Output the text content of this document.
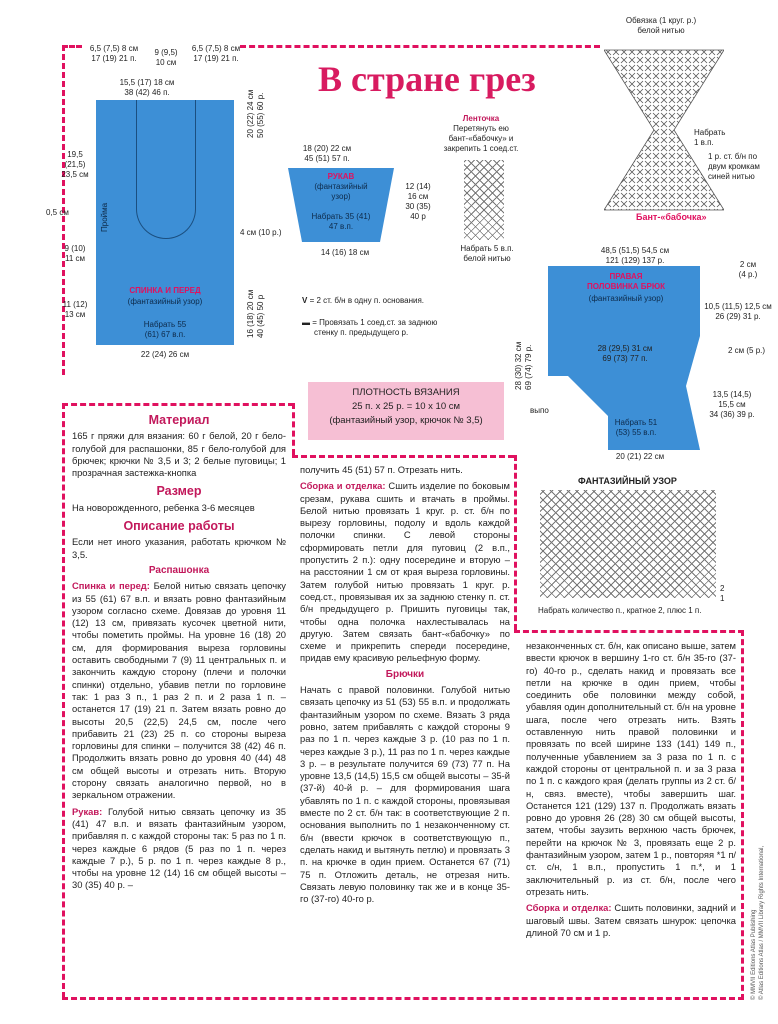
В стране грез
6,5 (7,5) 8 см
17 (19) 21 п.
9 (9,5)
10 см
6,5 (7,5) 8 см
17 (19) 21 п.
15,5 (17) 18 см
38 (42) 46 п.
19,5
(21,5)
23,5 см
0,5 см
9 (10)
11 см
11 (12)
13 см
Пройма
20 (22) 24 см 50 (55) 60 р.
4 см (10 р.)
16 (18) 20 см 40 (45) 50 р
СПИНКА И ПЕРЕД
(фантазийный узор)
Набрать 55
(61) 67 в.п.
22 (24) 26 см
18 (20) 22 см
45 (51) 57 п.
РУКАВ
(фантазийный
узор)
Набрать 35 (41)
47 в.п.
12 (14)
16 см
30 (35)
40 р
14 (16) 18 см
Ленточка
Перетянуть ею
бант-«бабочку» и
закрепить 1 соед.ст.
Набрать 5 в.п.
белой нитью
Обвязка (1 круг. р.)
белой нитью
Набрать
1 в.п.
1 р. ст. б/н по
двум кромкам
синей нитью
Бант-«бабочка»
V = 2 ст. б/н в одну п. основания.
▬ = Провязать 1 соед.ст. за заднюю
стенку п. предыдущего р.
ПЛОТНОСТЬ ВЯЗАНИЯ
25 п. х 25 р. = 10 х 10 см
(фантазийный узор, крючок № 3,5)
48,5 (51,5) 54,5 см
121 (129) 137 р.
ПРАВАЯ
ПОЛОВИНКА БРЮК
(фантазийный узор)
28 (29,5) 31 см
69 (73) 77 п.
28 (30) 32 см 69 (74) 79 р.
выпо
2 см
(4 р.)
10,5 (11,5) 12,5 см
26 (29) 31 р.
2 см (5 р.)
13,5 (14,5)
15,5 см
34 (36) 39 р.
Набрать 51
(53) 55 в.п.
20 (21) 22 см
ФАНТАЗИЙНЫЙ УЗОР
2
1
Набрать количество п., кратное 2, плюс 1 п.
Материал

165 г пряжи для вязания: 60 г белой, 20 г бело-голубой для распашонки, 85 г бело-голубой для брючек; крючки № 3,5 и 3; 2 белые пуговицы; 1 прозрачная застежка-кнопка

Размер

На новорожденного, ребенка 3-6 месяцев

Описание работы

Если нет иного указания, работать крючком № 3,5.

Распашонка

Спинка и перед: Белой нитью связать цепочку из 55 (61) 67 в.п. и вязать ровно фантазийным узором согласно схеме. Довязав до уровня 11 (12) 13 см, привязать кусочек цветной нити, чтобы пометить проймы. На уровне 16 (18) 20 см, для формирования выреза горловины оставить свободными 7 (9) 11 центральных п. и закончить каждую сторону (плечи и полочки спинки) отдельно, убавив петли по горловине так: 1 раз 3 п., 1 раз 2 п. и 2 раза 1 п. – останется 17 (19) 21 п. Затем вязать ровно до высоты 20,5 (22,5) 24,5 см, после чего прибавить 21 (23) 25 п. со стороны выреза горловины для спинки – получится 38 (42) 46 п. Продолжить вязать ровно до уровня 40 (44) 48 см общей высоты и отрезать нить. Вторую сторону связать аналогично первой, но в зеркальном отражении.

Рукав: Голубой нитью связать цепочку из 35 (41) 47 в.п. и вязать фантазийным узором, прибавляя п. с каждой стороны так: 5 раз по 1 п. через каждые 6 рядов (5 раз по 1 п. через каждые 7 р.), 5 р. по 1 п. через каждые 8 р., чтобы на уровне 12 (14) 16 см общей высоты – 30 (35) 40 р. –

получить 45 (51) 57 п. Отрезать нить.

Сборка и отделка: Сшить изделие по боковым срезам, рукава сшить и втачать в проймы. Белой нитью провязать 1 круг. р. ст. б/н по вырезу горловины, подолу и вдоль каждой полочки спинки. С левой стороны сформировать петли для пуговиц (2 в.п., пропустить 2 п.): одну посередине и вторую – на расстоянии 1 см от края выреза горловины. Затем голубой нитью провязать 1 круг. р. соед.ст., провязывая их за заднюю стенку п. ст. б/н предыдущего р. Пришить пуговицы так, чтобы одна полочка нахлестывалась на другую. Затем связать бант-«бабочку» по схеме и прикрепить спереди посередине, придав ему красивую рельефную форму.

Брючки

Начать с правой половинки. Голубой нитью связать цепочку из 51 (53) 55 в.п. и продолжать фантазийным узором по схеме. Вязать 3 ряда ровно, затем прибавлять с каждой стороны 9 раз по 1 п. через каждые 3 р. (10 раз по 1 п. через каждые 3 р.), 11 раз по 1 п. через каждые 3 р. – в результате получится 69 (73) 77 п. На уровне 13,5 (14,5) 15,5 см общей высоты – 35-й (37-й) 40-й р. – для формирования шага убавлять по 1 п. с каждой стороны, провязывая вместе по 2 ст. б/н так: в соответствующие 2 п. основания выполнить по 1 незаконченному ст. б/н (ввести крючок в соответствующую п., сделать накид и вытянуть петлю) и провязать 3 п. на крючке в один прием. Останется 67 (71) 75 п. Отложить деталь, не отрезая нить. Связать левую половинку так же и в конце 35-го (37-го) 40-го р.

незаконченных ст. б/н, как описано выше, затем ввести крючок в вершину 1-го ст. б/н 35-го (37-го) 40-го р., сделать накид и провязать все петли на крючке в один прием, чтобы соединить обе половинки между собой, убавляя один дополнительный ст. б/н на уровне шага, после чего отрезать нить. Взять оставленную нить правой половинки и провязать по всей ширине 133 (141) 149 п., полученные убавлением за 3 раза по 1 п. с каждой стороны от центральной п. и за 3 раза по 1 п. с каждого края (делать группы из 2 ст. б/н, связ. вместе), чтобы завершить шаг. Останется 121 (129) 137 п. Продолжать вязать ровно до уровня 26 (28) 30 см общей высоты, затем, чтобы заузить верхнюю часть брючек, перейти на крючок № 3, провязать еще 2 р. фантазийным узором, затем 1 р., повторяя *1 п/ст. с/н, 1 в.п., пропустить 1 п.*, и 1 заключительный р. из ст. б/н, после чего отрезать нить.

Сборка и отделка: Сшить половинки, задний и шаговый швы. Затем связать шнурок: цепочка длиной 70 см и 1 р.	© MMVII Editions Atlas Publishing © Atlas Editions Atlas / MMVII Library Rights International,
